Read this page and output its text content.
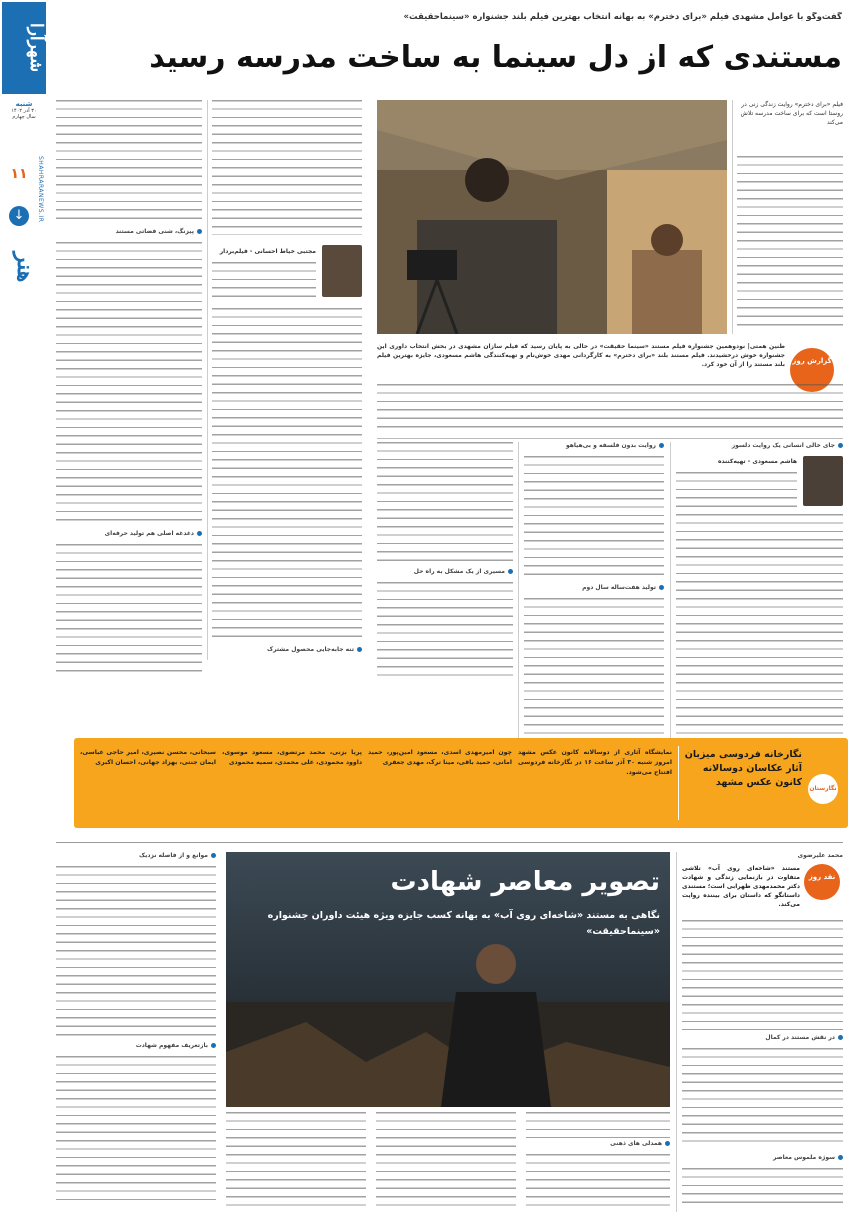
شهرآرا
شنبه
۳۰ آذر ۱۴۰۲
سال چهارم
SHAHRARANEWS.IR
۱۱
↓
هنر
گفت‌وگو با عوامل مشهدی فیلم «برای دخترم» به بهانه انتخاب بهترین فیلم بلند جشنواره «سینماحقیقت»
مستندی که از دل سینما به ساخت مدرسه رسید
پیزنگ، شنی فضاتی مستند
دغدغه اصلی هم تولید حرفه‌ای
مجتبی خیاط احسانی - فیلم‌بردار
تنه جابه‌جایی محصول مشترک
فیلم «برای دخترم» روایت زندگی زنی در روستا است که برای ساخت مدرسه تلاش می‌کند
گزارش روز
طنین همتی| نودوهمین جشنواره فیلم مستند «سینما حقیقت» در حالی به پایان رسید که فیلم سازان مشهدی در بخش انتخاب داوری این جشنواره خوش درخشیدند. فیلم مستند بلند «برای دخترم» به کارگردانی مهدی خوش‌نام و تهیه‌کنندگی هاشم مسعودی، جایزه بهترین فیلم بلند مستند را از آن خود کرد.
مسیری از یک مشکل به راه حل
روایت بدون فلسفه و بی‌هیاهو
تولید هفت‌ساله سال دوم
جای خالی انسانی یک روایت دلسوز
هاشم مسعودی - تهیه‌کننده
نگارستان
نگارخانه فردوسی میزبان آثار عکاسان دوسالانه کانون عکس مشهد
نمایشگاه آثاری از دوسالانه کانون عکس مشهد امروز شنبه ۳۰ آذر ساعت ۱۶ در نگارخانه فردوسی افتتاح می‌شود.
چون امیرمهدی اسدی، مسعود امین‌پور، حمید امانی، حمید باقی، مینا ترک، مهدی جعفری
پریا بزنی، محمد مرتضوی، مسعود موسوی، داوود محمودی، علی محمدی، سمیه محمودی
سبحانی، محسن نصیری، امیر حاجی عباسی، ایمان جنتی، بهزاد جهانی، احسان اکبری
موانع و از فاصله نزدیک
بازتعریف مفهوم شهادت
تصویر معاصر شهادت
نگاهی به مستند «شاخه‌ای روی آب» به بهانه کسب جایزه ویژه هیئت داوران جشنواره «سینماحقیقت»
همدلی های ذهنی
محمد علیرضوی
نقد روز
مستند «شاخه‌ای روی آب» تلاشی متفاوت در بازنمایی زندگی و شهادت دکتر محمدمهدی ظهرابی است؛ مستندی داستانگو که داستان برای بیننده روایت می‌کند.
در نقش مستند در کمال
سوژه ملموس معاصر
